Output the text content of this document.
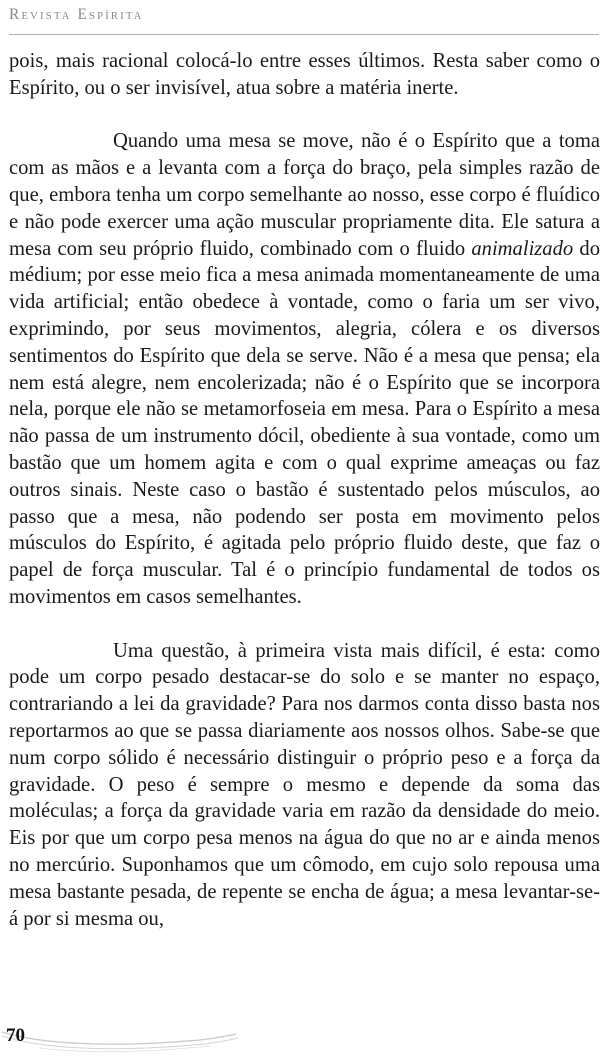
Revista Espírita

pois, mais racional colocá-lo entre esses últimos. Resta saber como o Espírito, ou o ser invisível, atua sobre a matéria inerte.

Quando uma mesa se move, não é o Espírito que a toma com as mãos e a levanta com a força do braço, pela simples razão de que, embora tenha um corpo semelhante ao nosso, esse corpo é fluídico e não pode exercer uma ação muscular propriamente dita. Ele satura a mesa com seu próprio fluido, combinado com o fluido animalizado do médium; por esse meio fica a mesa animada momentaneamente de uma vida artificial; então obedece à vontade, como o faria um ser vivo, exprimindo, por seus movimentos, alegria, cólera e os diversos sentimentos do Espírito que dela se serve. Não é a mesa que pensa; ela nem está alegre, nem encolerizada; não é o Espírito que se incorpora nela, porque ele não se metamorfoseia em mesa. Para o Espírito a mesa não passa de um instrumento dócil, obediente à sua vontade, como um bastão que um homem agita e com o qual exprime ameaças ou faz outros sinais. Neste caso o bastão é sustentado pelos músculos, ao passo que a mesa, não podendo ser posta em movimento pelos músculos do Espírito, é agitada pelo próprio fluido deste, que faz o papel de força muscular. Tal é o princípio fundamental de todos os movimentos em casos semelhantes.

Uma questão, à primeira vista mais difícil, é esta: como pode um corpo pesado destacar-se do solo e se manter no espaço, contrariando a lei da gravidade? Para nos darmos conta disso basta nos reportarmos ao que se passa diariamente aos nossos olhos. Sabe-se que num corpo sólido é necessário distinguir o próprio peso e a força da gravidade. O peso é sempre o mesmo e depende da soma das moléculas; a força da gravidade varia em razão da densidade do meio. Eis por que um corpo pesa menos na água do que no ar e ainda menos no mercúrio. Suponhamos que um cômodo, em cujo solo repousa uma mesa bastante pesada, de repente se encha de água; a mesa levantar-se-á por si mesma ou,

70
